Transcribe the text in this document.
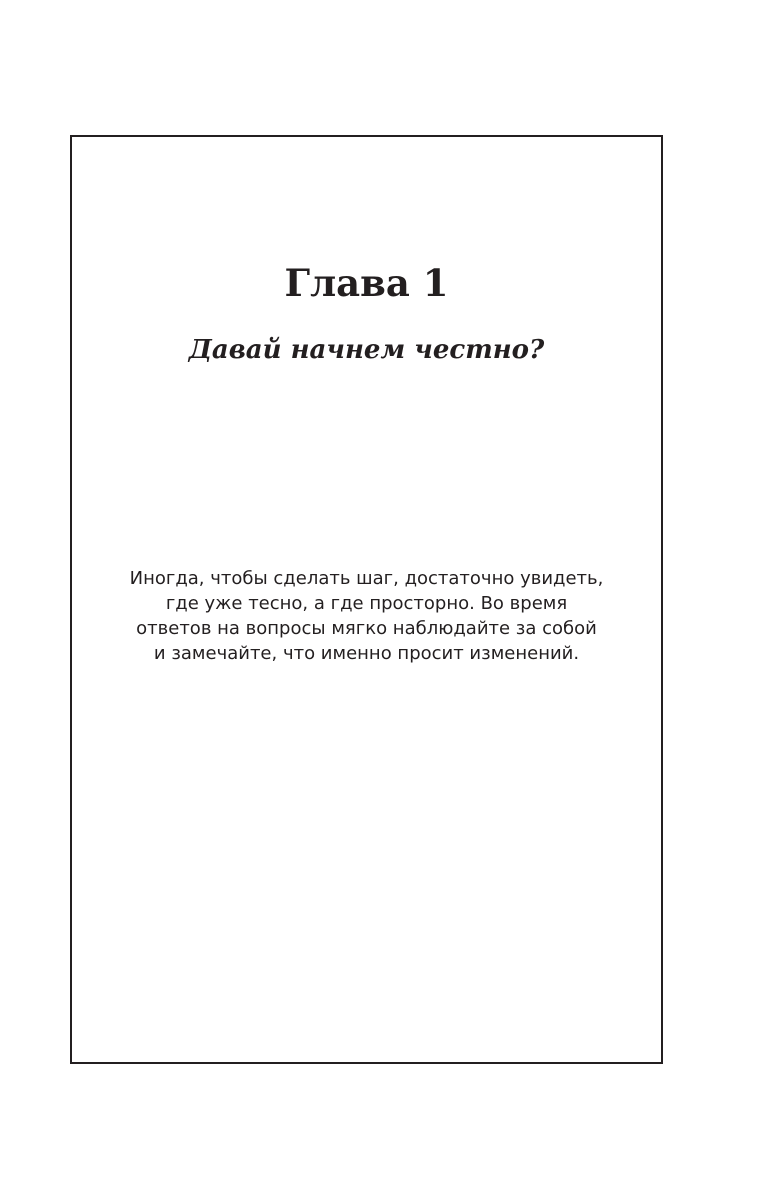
Глава 1
Давай начнем честно?

Иногда, чтобы сделать шаг, достаточно увидеть,
где уже тесно, а где просторно. Во время
ответов на вопросы мягко наблюдайте за собой
и замечайте, что именно просит изменений.
